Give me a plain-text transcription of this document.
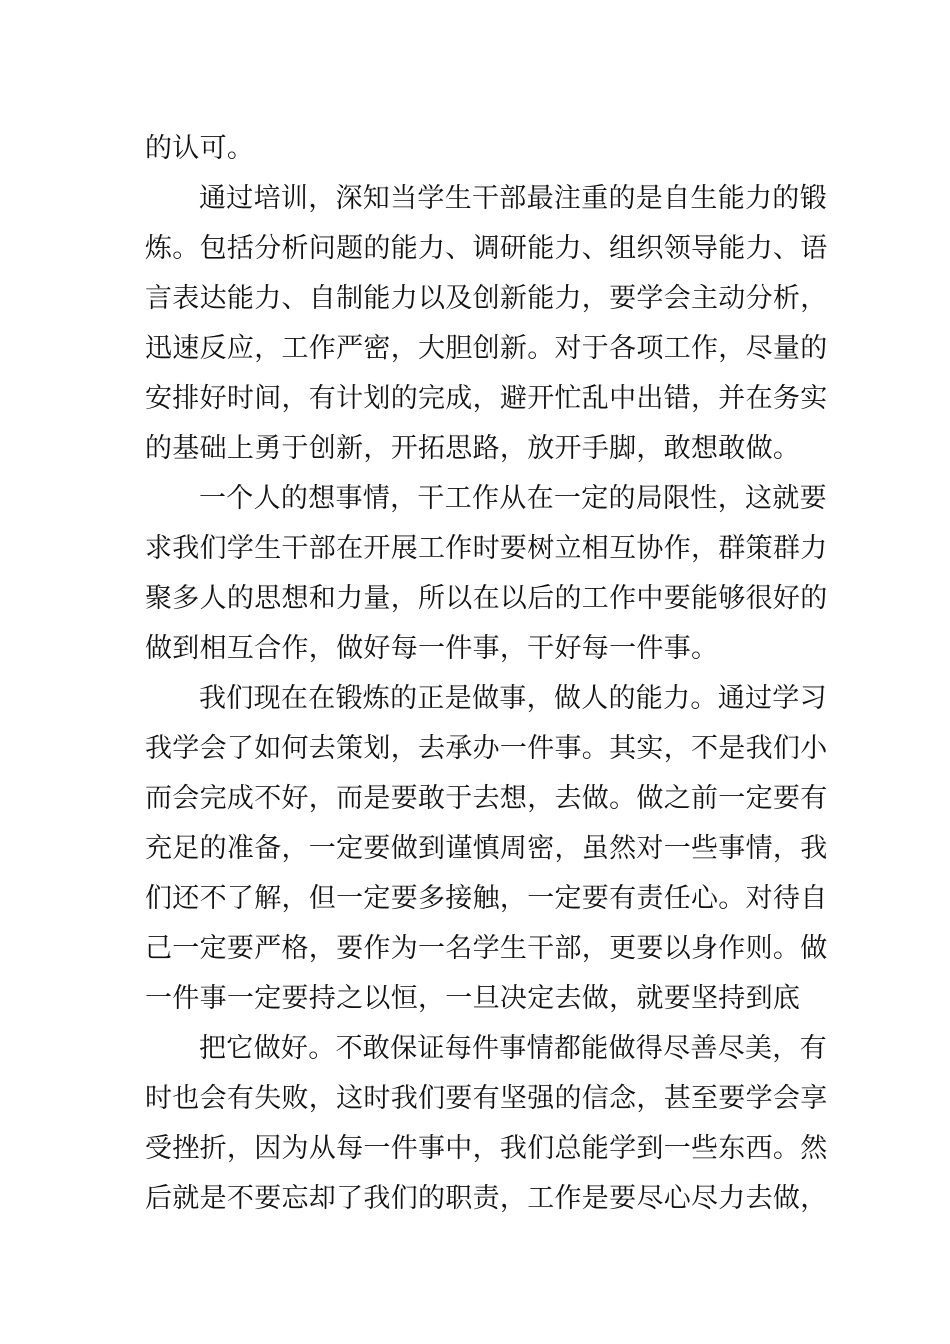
的认可。
通过培训，深知当学生干部最注重的是自生能力的锻
炼。包括分析问题的能力、调研能力、组织领导能力、语
言表达能力、自制能力以及创新能力，要学会主动分析，
迅速反应，工作严密，大胆创新。对于各项工作，尽量的
安排好时间，有计划的完成，避开忙乱中出错，并在务实
的基础上勇于创新，开拓思路，放开手脚，敢想敢做。
一个人的想事情，干工作从在一定的局限性，这就要
求我们学生干部在开展工作时要树立相互协作，群策群力
聚多人的思想和力量，所以在以后的工作中要能够很好的
做到相互合作，做好每一件事，干好每一件事。
我们现在在锻炼的正是做事，做人的能力。通过学习
我学会了如何去策划，去承办一件事。其实，不是我们小
而会完成不好，而是要敢于去想，去做。做之前一定要有
充足的准备，一定要做到谨慎周密，虽然对一些事情，我
们还不了解，但一定要多接触，一定要有责任心。对待自
己一定要严格，要作为一名学生干部，更要以身作则。做
一件事一定要持之以恒，一旦决定去做，就要坚持到底
把它做好。不敢保证每件事情都能做得尽善尽美，有
时也会有失败，这时我们要有坚强的信念，甚至要学会享
受挫折，因为从每一件事中，我们总能学到一些东西。然
后就是不要忘却了我们的职责，工作是要尽心尽力去做，
